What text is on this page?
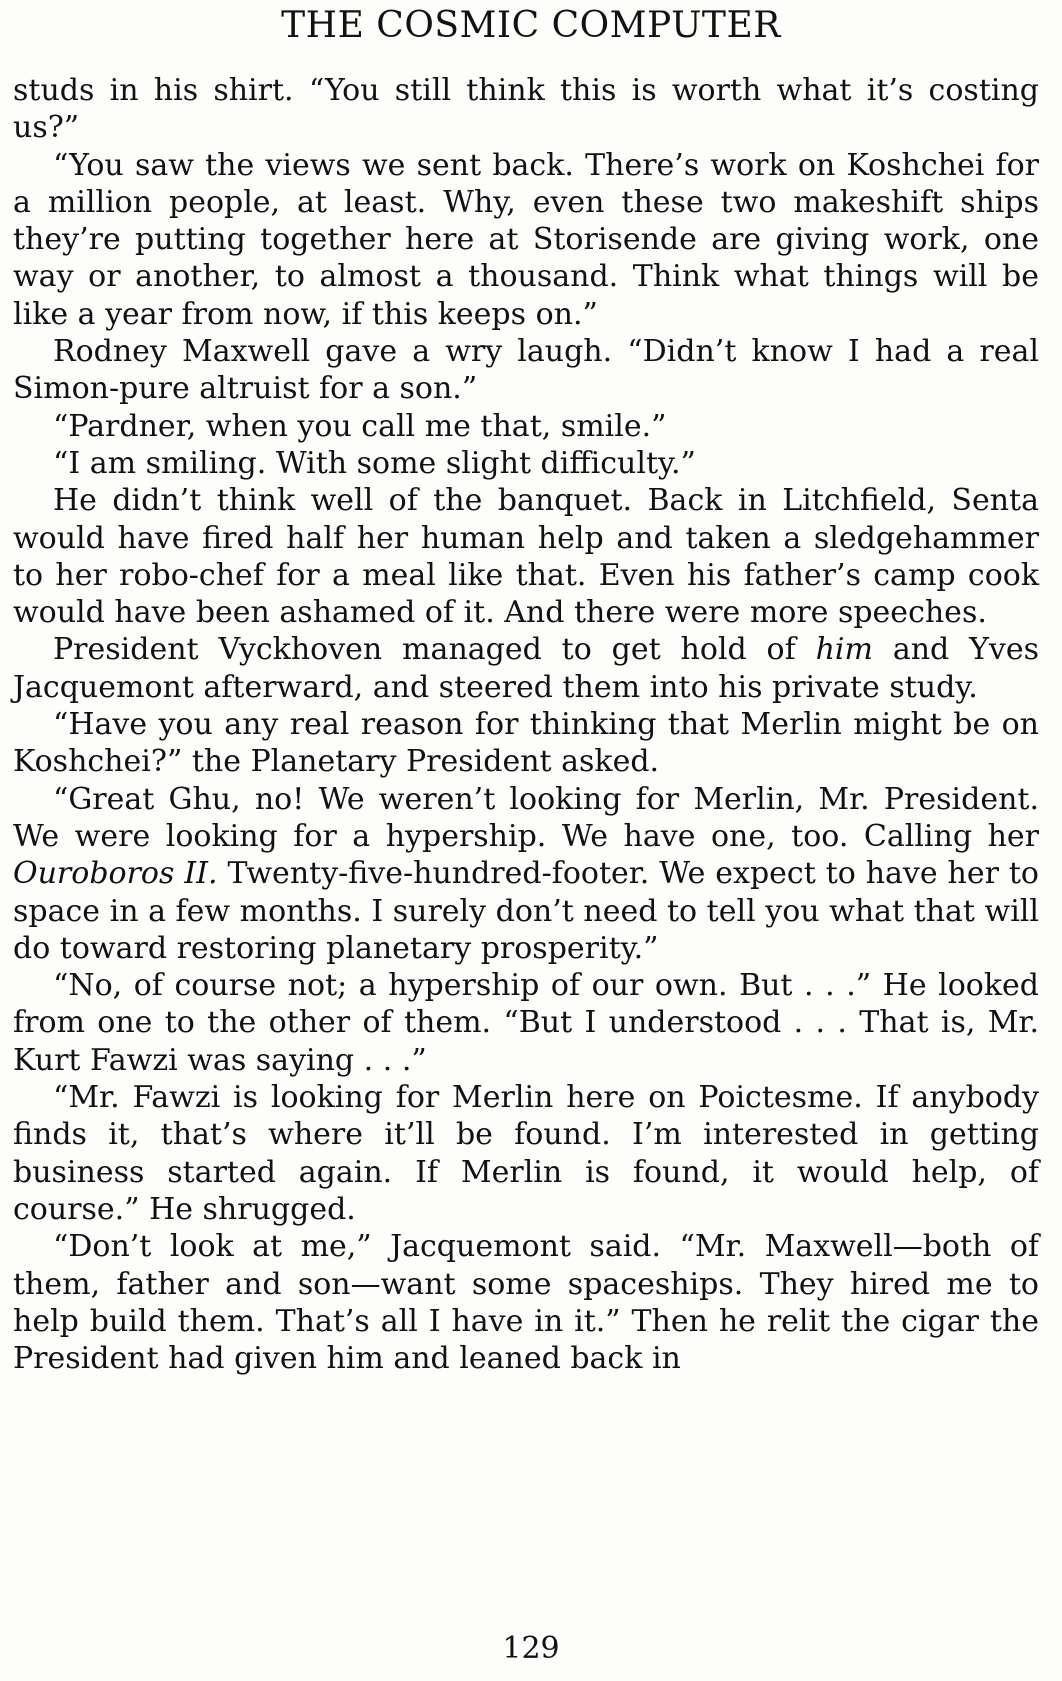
THE COSMIC COMPUTER

studs in his shirt. “You still think this is worth what it’s costing us?”

“You saw the views we sent back. There’s work on Koshchei for a million people, at least. Why, even these two makeshift ships they’re putting together here at Storisende are giving work, one way or another, to almost a thousand. Think what things will be like a year from now, if this keeps on.”

Rodney Maxwell gave a wry laugh. “Didn’t know I had a real Simon-pure altruist for a son.”

“Pardner, when you call me that, smile.”

“I am smiling. With some slight difficulty.”

He didn’t think well of the banquet. Back in Litchfield, Senta would have fired half her human help and taken a sledgehammer to her robo-chef for a meal like that. Even his father’s camp cook would have been ashamed of it. And there were more speeches.

President Vyckhoven managed to get hold of him and Yves Jacquemont afterward, and steered them into his private study.

“Have you any real reason for thinking that Merlin might be on Koshchei?” the Planetary President asked.

“Great Ghu, no! We weren’t looking for Merlin, Mr. President. We were looking for a hypership. We have one, too. Calling her Ouroboros II. Twenty-five-hundred-footer. We expect to have her to space in a few months. I surely don’t need to tell you what that will do toward restoring planetary prosperity.”

“No, of course not; a hypership of our own. But . . .” He looked from one to the other of them. “But I understood . . . That is, Mr. Kurt Fawzi was saying . . .”

“Mr. Fawzi is looking for Merlin here on Poictesme. If anybody finds it, that’s where it’ll be found. I’m interested in getting business started again. If Merlin is found, it would help, of course.” He shrugged.

“Don’t look at me,” Jacquemont said. “Mr. Maxwell—both of them, father and son—want some spaceships. They hired me to help build them. That’s all I have in it.” Then he relit the cigar the President had given him and leaned back in

129
